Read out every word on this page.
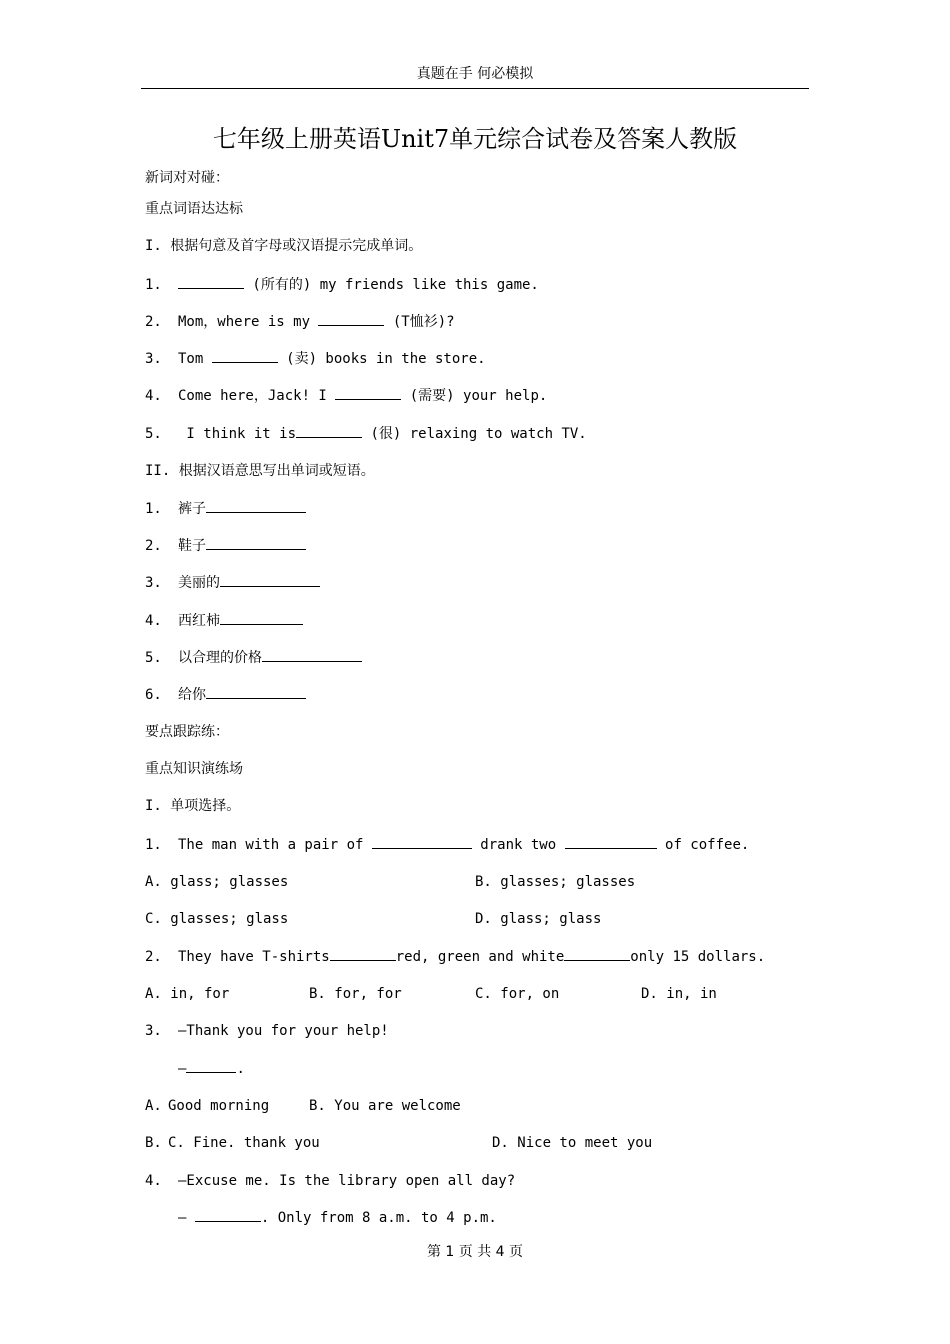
真题在手 何必模拟
七年级上册英语Unit7单元综合试卷及答案人教版
新词对对碰：
重点词语达达标
I. 根据句意及首字母或汉语提示完成单词。
1.	(所有的) my friends like this game.
2. Mom，where is my	(T恤衫)?
3. Tom	(卖) books in the store.
4. Come here，Jack! I	(需要) your help.
5. I think it is	(很) relaxing to watch TV.
II. 根据汉语意思写出单词或短语。
1. 裤子
2. 鞋子
3. 美丽的
4. 西红柿
5. 以合理的价格
6. 给你
要点跟踪练：
重点知识演练场
I. 单项选择。
1. The man with a pair of	drank two	of coffee.
A. glass; glasses	B. glasses; glasses
C. glasses; glass	D. glass; glass
2. They have T-shirts	red, green and white	only 15 dollars.
A. in, for	B. for, for	C. for, on	D. in, in
3. —Thank you for your help!
—	.
A. Good morning	B. You are welcome
B. C. Fine. thank you	D. Nice to meet you
4. —Excuse me. Is the library open all day?
—	. Only from 8 a.m. to 4 p.m.
第 1 页 共 4 页
